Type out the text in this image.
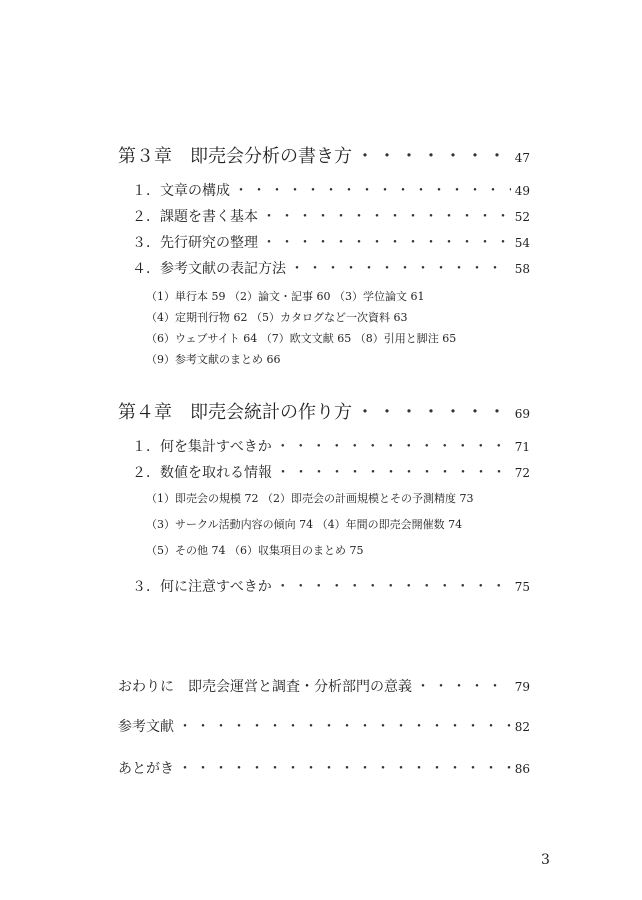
第３章　即売会分析の書き方 ・・・・・・・・・・・・・・・・・・・・・・・・・・・・・・・・・・・・・・・・・・・・・・・・・・・・・・・・・・	47
１．文章の構成 ・・・・・・・・・・・・・・・・・・・・・・・・・・・・・・・・・・・・・・・・・・・・・・・・・・・・・・・・・・	49
２．課題を書く基本 ・・・・・・・・・・・・・・・・・・・・・・・・・・・・・・・・・・・・・・・・・・・・・・・・・・・・・・・・・・	52
３．先行研究の整理 ・・・・・・・・・・・・・・・・・・・・・・・・・・・・・・・・・・・・・・・・・・・・・・・・・・・・・・・・・・	54
４．参考文献の表記方法 ・・・・・・・・・・・・・・・・・・・・・・・・・・・・・・・・・・・・・・・・・・・・・・・・・・・・・・・・・・	58
（1）単行本 59 （2）論文・記事 60 （3）学位論文 61
（4）定期刊行物 62 （5）カタログなど一次資料 63
（6）ウェブサイト 64 （7）欧文文献 65 （8）引用と脚注 65
（9）参考文献のまとめ 66
第４章　即売会統計の作り方 ・・・・・・・・・・・・・・・・・・・・・・・・・・・・・・・・・・・・・・・・・・・・・・・・・・・・・・・・・・	69
１．何を集計すべきか ・・・・・・・・・・・・・・・・・・・・・・・・・・・・・・・・・・・・・・・・・・・・・・・・・・・・・・・・・・	71
２．数値を取れる情報 ・・・・・・・・・・・・・・・・・・・・・・・・・・・・・・・・・・・・・・・・・・・・・・・・・・・・・・・・・・	72
（1）即売会の規模 72 （2）即売会の計画規模とその予測精度 73
（3）サークル活動内容の傾向 74 （4）年間の即売会開催数 74
（5）その他 74 （6）収集項目のまとめ 75
３．何に注意すべきか ・・・・・・・・・・・・・・・・・・・・・・・・・・・・・・・・・・・・・・・・・・・・・・・・・・・・・・・・・・	75
おわりに　即売会運営と調査・分析部門の意義 ・・・・・・・・・・・・・・・・・・・・・・・・・・・・・・・・・・・・・・・・・・・・・・・・・・・・・・・・・・	79
参考文献 ・・・・・・・・・・・・・・・・・・・・・・・・・・・・・・・・・・・・・・・・・・・・・・・・・・・・・・・・・・	82
あとがき ・・・・・・・・・・・・・・・・・・・・・・・・・・・・・・・・・・・・・・・・・・・・・・・・・・・・・・・・・・	86
3
